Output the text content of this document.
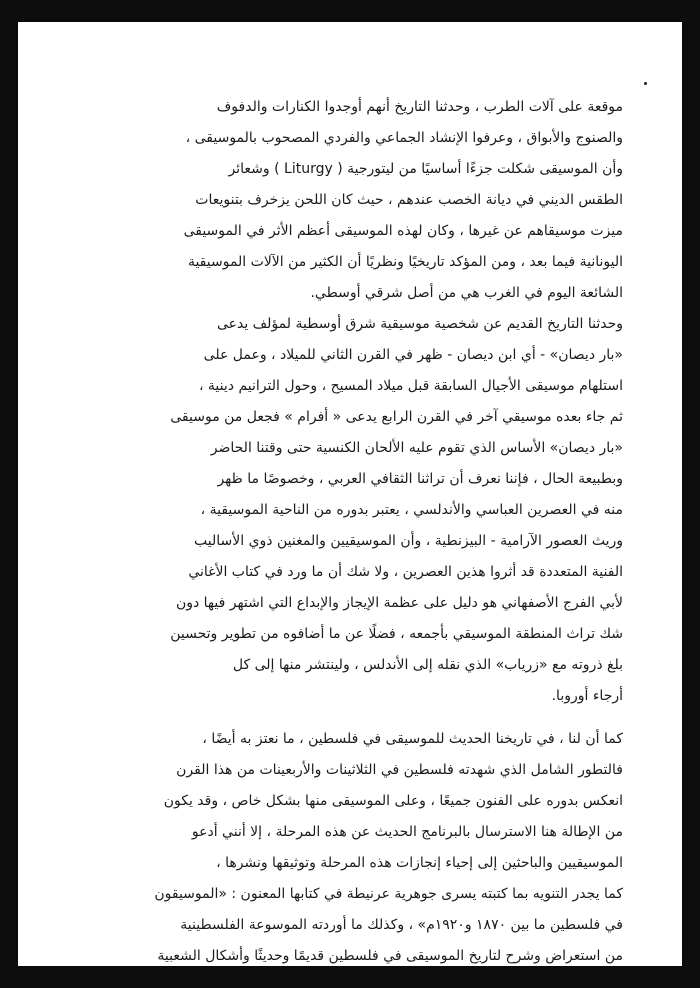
موقعة على آلات الطرب ، وحدثنا التاريخ أنهم أوجدوا الكنارات والدفوف
والصنوج والأبواق ، وعرفوا الإنشاد الجماعي والفردي المصحوب بالموسيقى ،
وأن الموسيقى شكلت جزءًا أساسيًا من ليتورجية ( Liturgy ) وشعائر
الطقس الديني في ديانة الخصب عندهم ، حيث كان اللحن يزخرف بتنويعات
ميزت موسيقاهم عن غيرها ، وكان لهذه الموسيقى أعظم الأثر في الموسيقى
اليونانية فيما بعد ، ومن المؤكد تاريخيًا ونظريًا أن الكثير من الآلات الموسيقية
الشائعة اليوم في الغرب هي من أصل شرقي أوسطي.
وحدثنا التاريخ القديم عن شخصية موسيقية شرق أوسطية لمؤلف يدعى
«بار ديصان» - أي ابن ديصان - ظهر في القرن الثاني للميلاد ، وعمل على
استلهام موسيقى الأجيال السابقة قبل ميلاد المسيح ، وحول الترانيم دينية ،
ثم جاء بعده موسيقي آخر في القرن الرابع يدعى « أفرام » فجعل من موسيقى
«بار ديصان» الأساس الذي تقوم عليه الألحان الكنسية حتى وقتنا الحاضر
وبطبيعة الحال ، فإننا نعرف أن تراثنا الثقافي العربي ، وخصوصًا ما ظهر
منه في العصرين العباسي والأندلسي ، يعتبر بدوره من الناحية الموسيقية ،
وريث العصور الآرامية - البيزنطية ، وأن الموسيقيين والمغنين ذوي الأساليب
الفنية المتعددة قد أثروا هذين العصرين ، ولا شك أن ما ورد في كتاب الأغاني
لأبي الفرج الأصفهاني هو دليل على عظمة الإيجاز والإبداع التي اشتهر فيها دون
شك تراث المنطقة الموسيقي بأجمعه ، فضلًا عن ما أضافوه من تطوير وتحسين
بلغ ذروته مع «زرياب» الذي نقله إلى الأندلس ، ولينتشر منها إلى كل
أرجاء أوروبا.
كما أن لنا ، في تاريخنا الحديث للموسيقى في فلسطين ، ما نعتز به أيضًا ،
فالتطور الشامل الذي شهدته فلسطين في الثلاثينات والأربعينات من هذا القرن
انعكس بدوره على الفنون جميعًا ، وعلى الموسيقى منها بشكل خاص ، وقد يكون
من الإطالة هنا الاسترسال بالبرنامج الحديث عن هذه المرحلة ، إلا أنني أدعو
الموسيقيين والباحثين إلى إحياء إنجازات هذه المرحلة وتوثيقها ونشرها ،
كما يجدر التنويه بما كتبته يسرى جوهرية عرنيطة في كتابها المعنون : «الموسيقون
في فلسطين ما بين ١٨٧٠ و١٩٢٠م» ، وكذلك ما أوردته الموسوعة الفلسطينية
من استعراض وشرح لتاريخ الموسيقى في فلسطين قديمًا وحديثًا وأشكال الشعبية
